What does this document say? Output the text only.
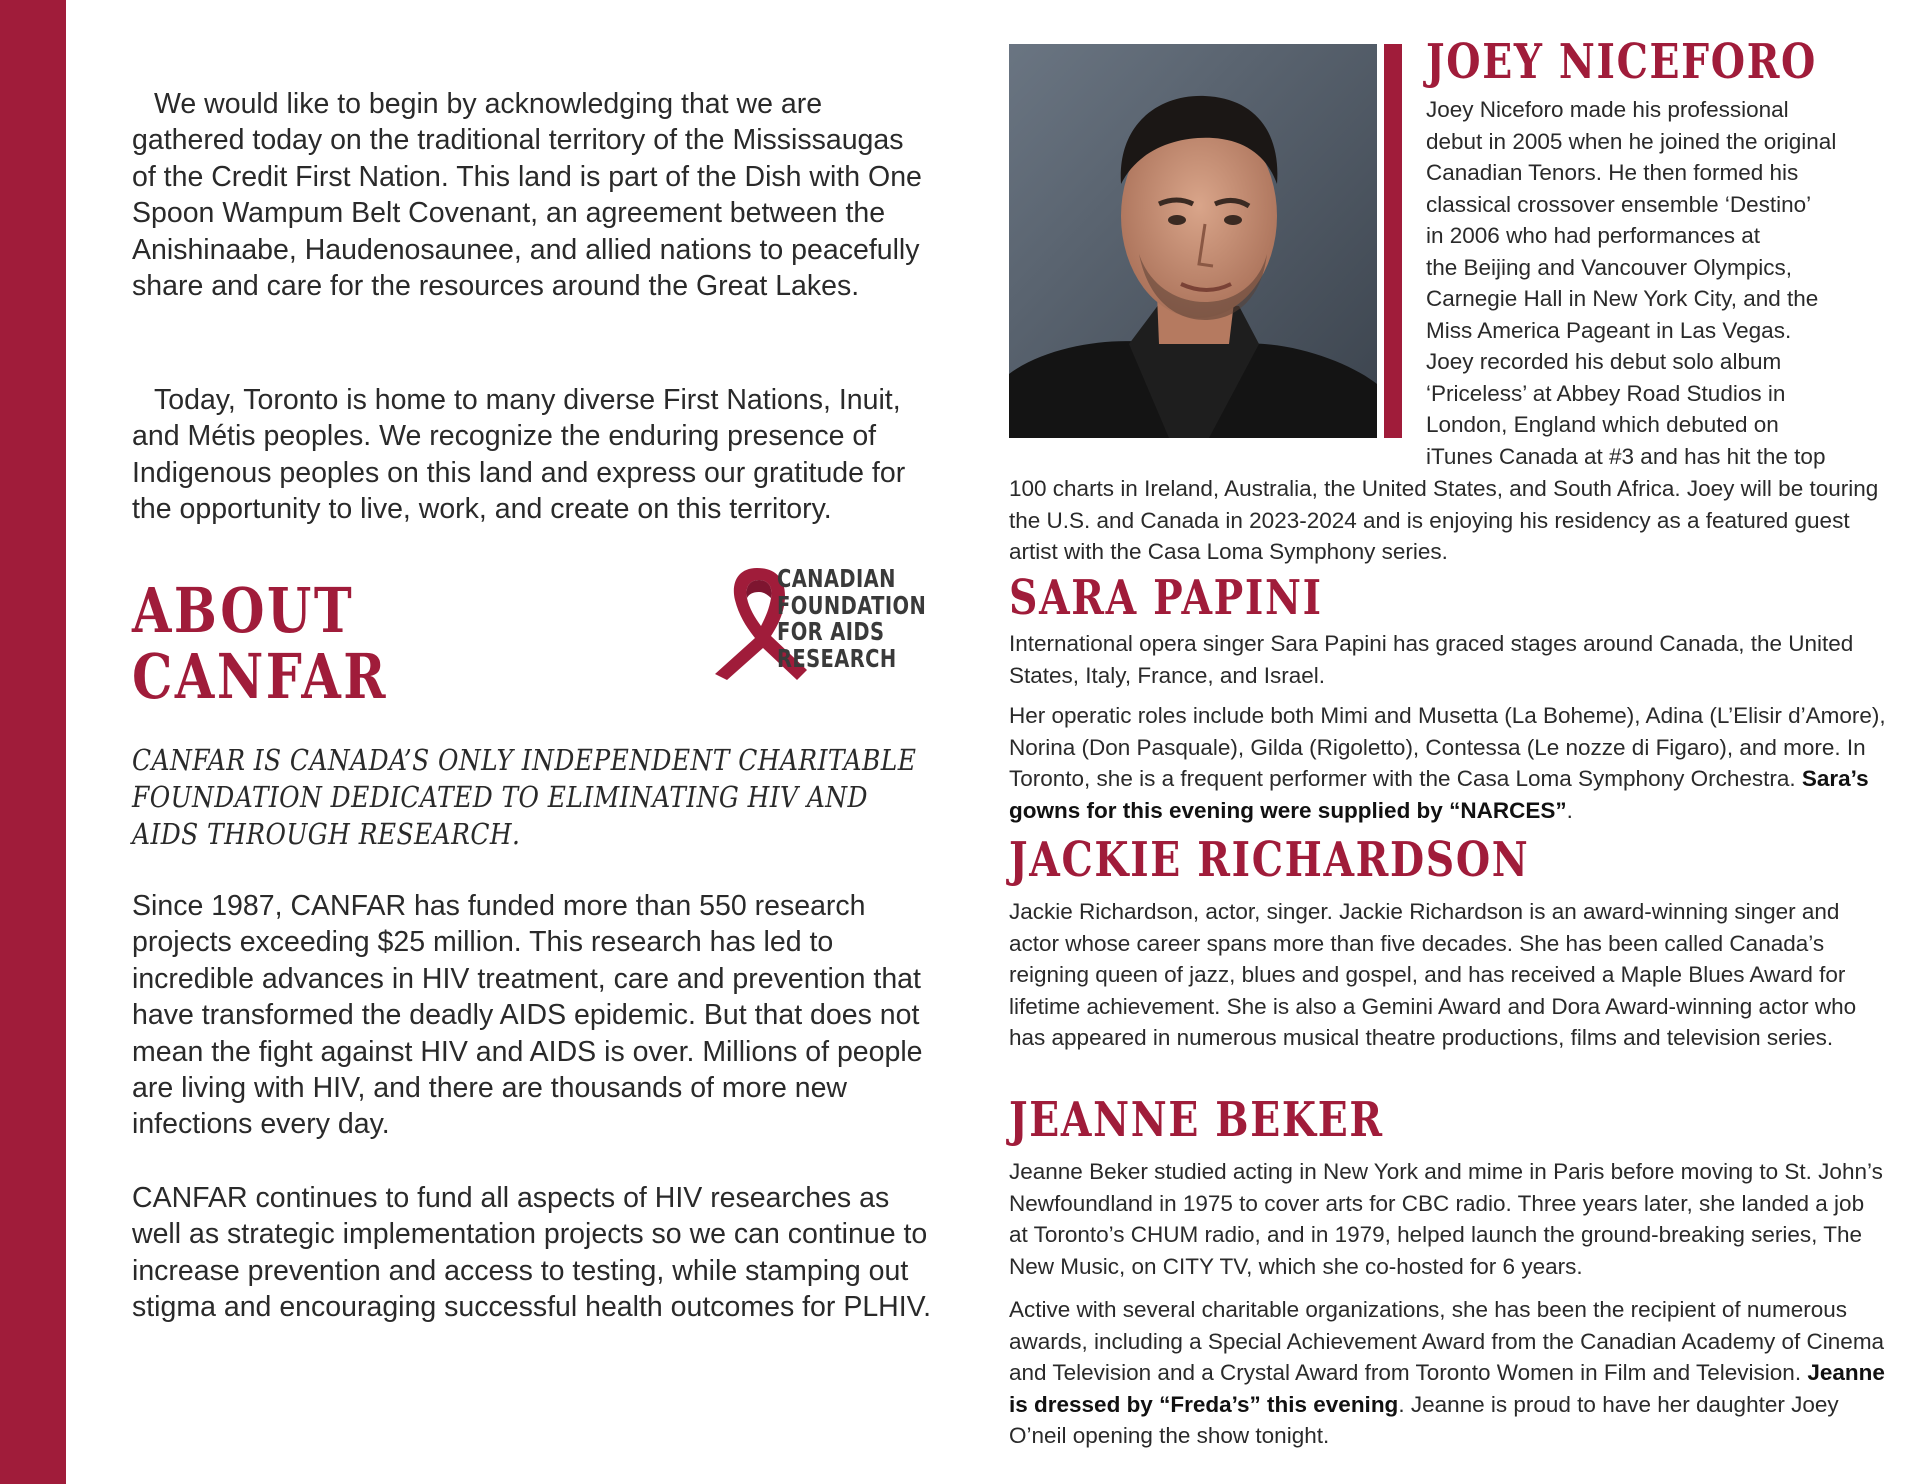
We would like to begin by acknowledging that we are gathered today on the traditional territory of the Mississaugas of the Credit First Nation. This land is part of the Dish with One Spoon Wampum Belt Covenant, an agreement between the Anishinaabe, Haudenosaunee, and allied nations to peacefully share and care for the resources around the Great Lakes.

Today, Toronto is home to many diverse First Nations, Inuit, and Métis peoples. We recognize the enduring presence of Indigenous peoples on this land and express our gratitude for the opportunity to live, work, and create on this territory.

ABOUT
CANFAR
CANADIAN
FOUNDATION
FOR AIDS
RESEARCH

CANFAR IS CANADA’S ONLY INDEPENDENT CHARITABLE FOUNDATION DEDICATED TO ELIMINATING HIV AND AIDS THROUGH RESEARCH.

Since 1987, CANFAR has funded more than 550 research projects exceeding $25 million. This research has led to incredible advances in HIV treatment, care and prevention that have transformed the deadly AIDS epidemic. But that does not mean the fight against HIV and AIDS is over. Millions of people are living with HIV, and there are thousands of more new infections every day.

CANFAR continues to fund all aspects of HIV researches as well as strategic implementation projects so we can continue to increase prevention and access to testing, while stamping out stigma and encouraging successful health outcomes for PLHIV.

JOEY NICEFORO
Joey Niceforo made his professional
debut in 2005 when he joined the original
Canadian Tenors. He then formed his
classical crossover ensemble ‘Destino’
in 2006 who had performances at
the Beijing and Vancouver Olympics,
Carnegie Hall in New York City, and the
Miss America Pageant in Las Vegas.
Joey recorded his debut solo album
‘Priceless’ at Abbey Road Studios in
London, England which debuted on
iTunes Canada at #3 and has hit the top

100 charts in Ireland, Australia, the United States, and South Africa. Joey will be touring the U.S. and Canada in 2023-2024 and is enjoying his residency as a featured guest artist with the Casa Loma Symphony series.

SARA PAPINI

International opera singer Sara Papini has graced stages around Canada, the United States, Italy, France, and Israel.

Her operatic roles include both Mimi and Musetta (La Boheme), Adina (L’Elisir d’Amore), Norina (Don Pasquale), Gilda (Rigoletto), Contessa (Le nozze di Figaro), and more. In Toronto, she is a frequent performer with the Casa Loma Symphony Orchestra. Sara’s gowns for this evening were supplied by “NARCES”.

JACKIE RICHARDSON

Jackie Richardson, actor, singer. Jackie Richardson is an award-winning singer and actor whose career spans more than five decades. She has been called Canada’s reigning queen of jazz, blues and gospel, and has received a Maple Blues Award for lifetime achievement. She is also a Gemini Award and Dora Award-winning actor who has appeared in numerous musical theatre productions, films and television series.

JEANNE BEKER

Jeanne Beker studied acting in New York and mime in Paris before moving to St. John’s Newfoundland in 1975 to cover arts for CBC radio. Three years later, she landed a job at Toronto’s CHUM radio, and in 1979, helped launch the ground-breaking series, The New Music, on CITY TV, which she co-hosted for 6 years.

Active with several charitable organizations, she has been the recipient of numerous awards, including a Special Achievement Award from the Canadian Academy of Cinema and Television and a Crystal Award from Toronto Women in Film and Television. Jeanne is dressed by “Freda’s” this evening. Jeanne is proud to have her daughter Joey O’neil opening the show tonight.
